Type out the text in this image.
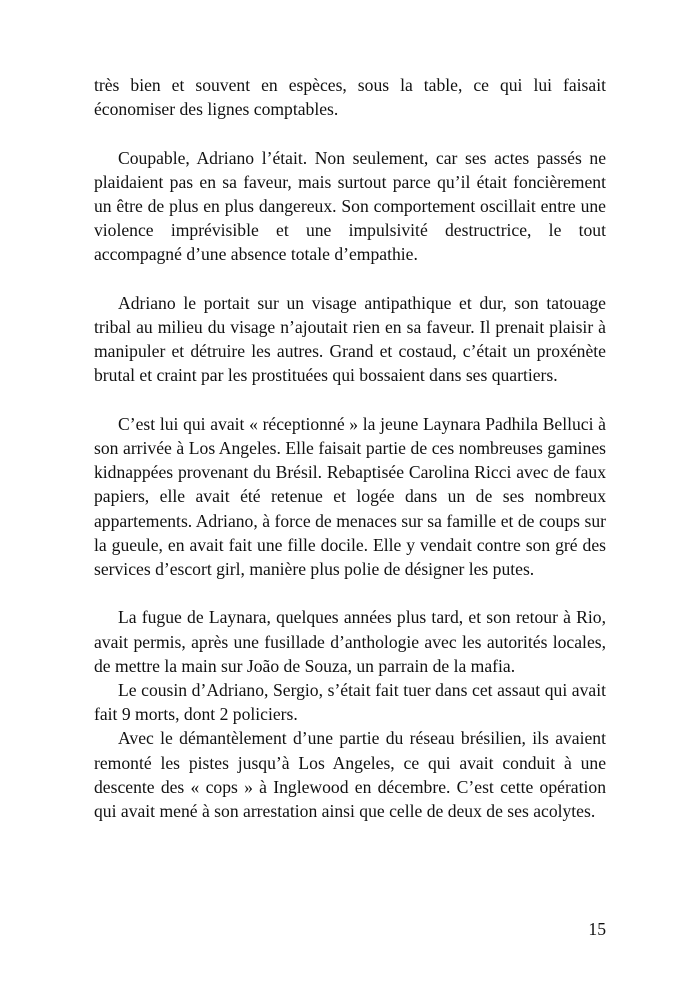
très bien et souvent en espèces, sous la table, ce qui lui faisait économiser des lignes comptables.

Coupable, Adriano l’était. Non seulement, car ses actes passés ne plaidaient pas en sa faveur, mais surtout parce qu’il était foncièrement un être de plus en plus dangereux. Son comportement oscillait entre une violence imprévisible et une impulsivité destructrice, le tout accompagné d’une absence totale d’empathie.

Adriano le portait sur un visage antipathique et dur, son tatouage tribal au milieu du visage n’ajoutait rien en sa faveur. Il prenait plaisir à manipuler et détruire les autres. Grand et costaud, c’était un proxénète brutal et craint par les prostituées qui bossaient dans ses quartiers.

C’est lui qui avait « réceptionné » la jeune Laynara Padhila Belluci à son arrivée à Los Angeles. Elle faisait partie de ces nombreuses gamines kidnappées provenant du Brésil. Rebaptisée Carolina Ricci avec de faux papiers, elle avait été retenue et logée dans un de ses nombreux appartements. Adriano, à force de menaces sur sa famille et de coups sur la gueule, en avait fait une fille docile. Elle y vendait contre son gré des services d’escort girl, manière plus polie de désigner les putes.

La fugue de Laynara, quelques années plus tard, et son retour à Rio, avait permis, après une fusillade d’anthologie avec les autorités locales, de mettre la main sur João de Souza, un parrain de la mafia.

Le cousin d’Adriano, Sergio, s’était fait tuer dans cet assaut qui avait fait 9 morts, dont 2 policiers.

Avec le démantèlement d’une partie du réseau brésilien, ils avaient remonté les pistes jusqu’à Los Angeles, ce qui avait conduit à une descente des « cops » à Inglewood en décembre. C’est cette opération qui avait mené à son arrestation ainsi que celle de deux de ses acolytes.

15
